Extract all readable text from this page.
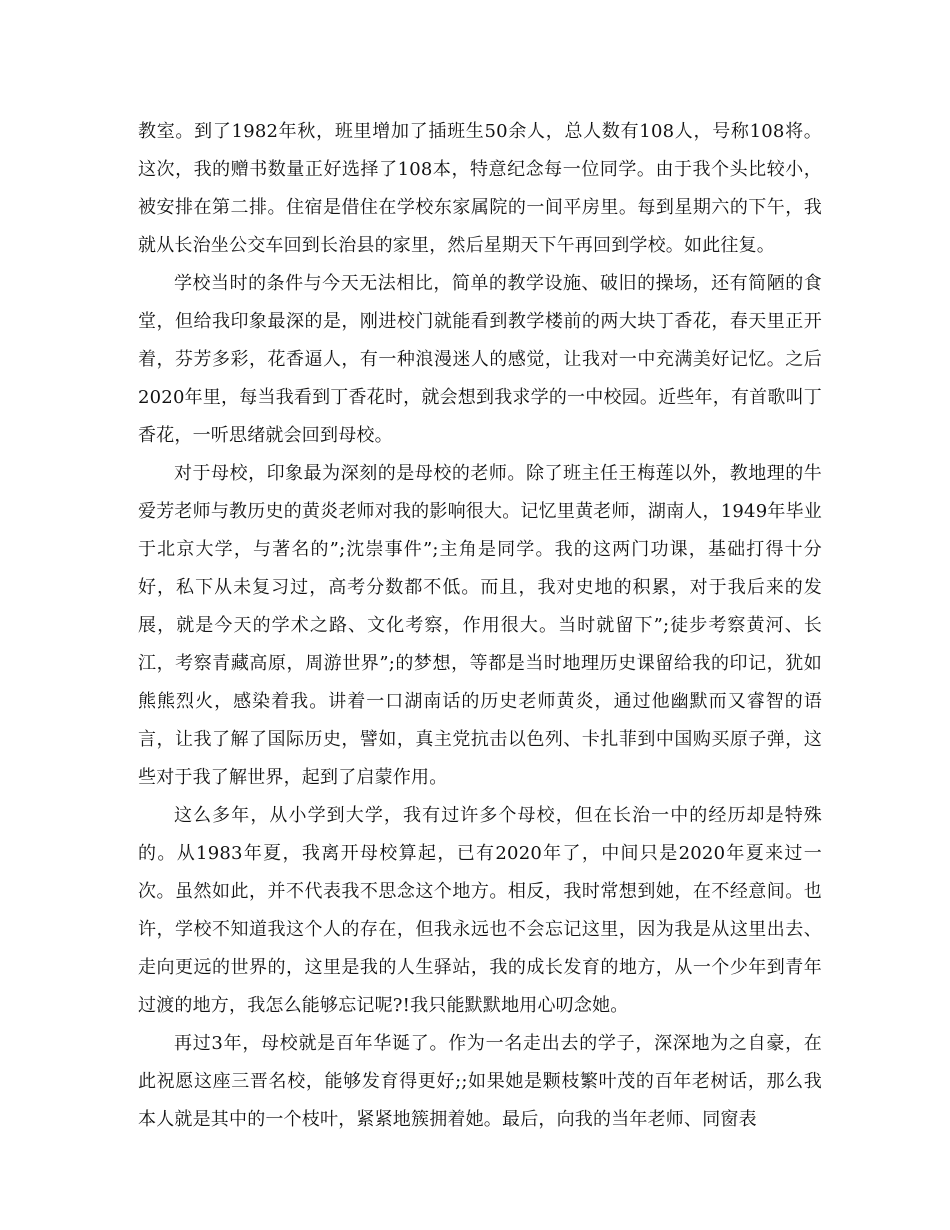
教室。到了1982年秋，班里增加了插班生50余人，总人数有108人，号称108将。这次，我的赠书数量正好选择了108本，特意纪念每一位同学。由于我个头比较小，被安排在第二排。住宿是借住在学校东家属院的一间平房里。每到星期六的下午，我就从长治坐公交车回到长治县的家里，然后星期天下午再回到学校。如此往复。

学校当时的条件与今天无法相比，简单的教学设施、破旧的操场，还有简陋的食堂，但给我印象最深的是，刚进校门就能看到教学楼前的两大块丁香花，春天里正开着，芬芳多彩，花香逼人，有一种浪漫迷人的感觉，让我对一中充满美好记忆。之后2020年里，每当我看到丁香花时，就会想到我求学的一中校园。近些年，有首歌叫丁香花，一听思绪就会回到母校。

对于母校，印象最为深刻的是母校的老师。除了班主任王梅莲以外，教地理的牛爱芳老师与教历史的黄炎老师对我的影响很大。记忆里黄老师，湖南人，1949年毕业于北京大学，与著名的”;沈崇事件”;主角是同学。我的这两门功课，基础打得十分好，私下从未复习过，高考分数都不低。而且，我对史地的积累，对于我后来的发展，就是今天的学术之路、文化考察，作用很大。当时就留下”;徒步考察黄河、长江，考察青藏高原，周游世界”;的梦想，等都是当时地理历史课留给我的印记，犹如熊熊烈火，感染着我。讲着一口湖南话的历史老师黄炎，通过他幽默而又睿智的语言，让我了解了国际历史，譬如，真主党抗击以色列、卡扎菲到中国购买原子弹，这些对于我了解世界，起到了启蒙作用。

这么多年，从小学到大学，我有过许多个母校，但在长治一中的经历却是特殊的。从1983年夏，我离开母校算起，已有2020年了，中间只是2020年夏来过一次。虽然如此，并不代表我不思念这个地方。相反，我时常想到她，在不经意间。也许，学校不知道我这个人的存在，但我永远也不会忘记这里，因为我是从这里出去、走向更远的世界的，这里是我的人生驿站，我的成长发育的地方，从一个少年到青年过渡的地方，我怎么能够忘记呢?!我只能默默地用心叨念她。

再过3年，母校就是百年华诞了。作为一名走出去的学子，深深地为之自豪，在此祝愿这座三晋名校，能够发育得更好;;如果她是颗枝繁叶茂的百年老树话，那么我本人就是其中的一个枝叶，紧紧地簇拥着她。最后，向我的当年老师、同窗表
